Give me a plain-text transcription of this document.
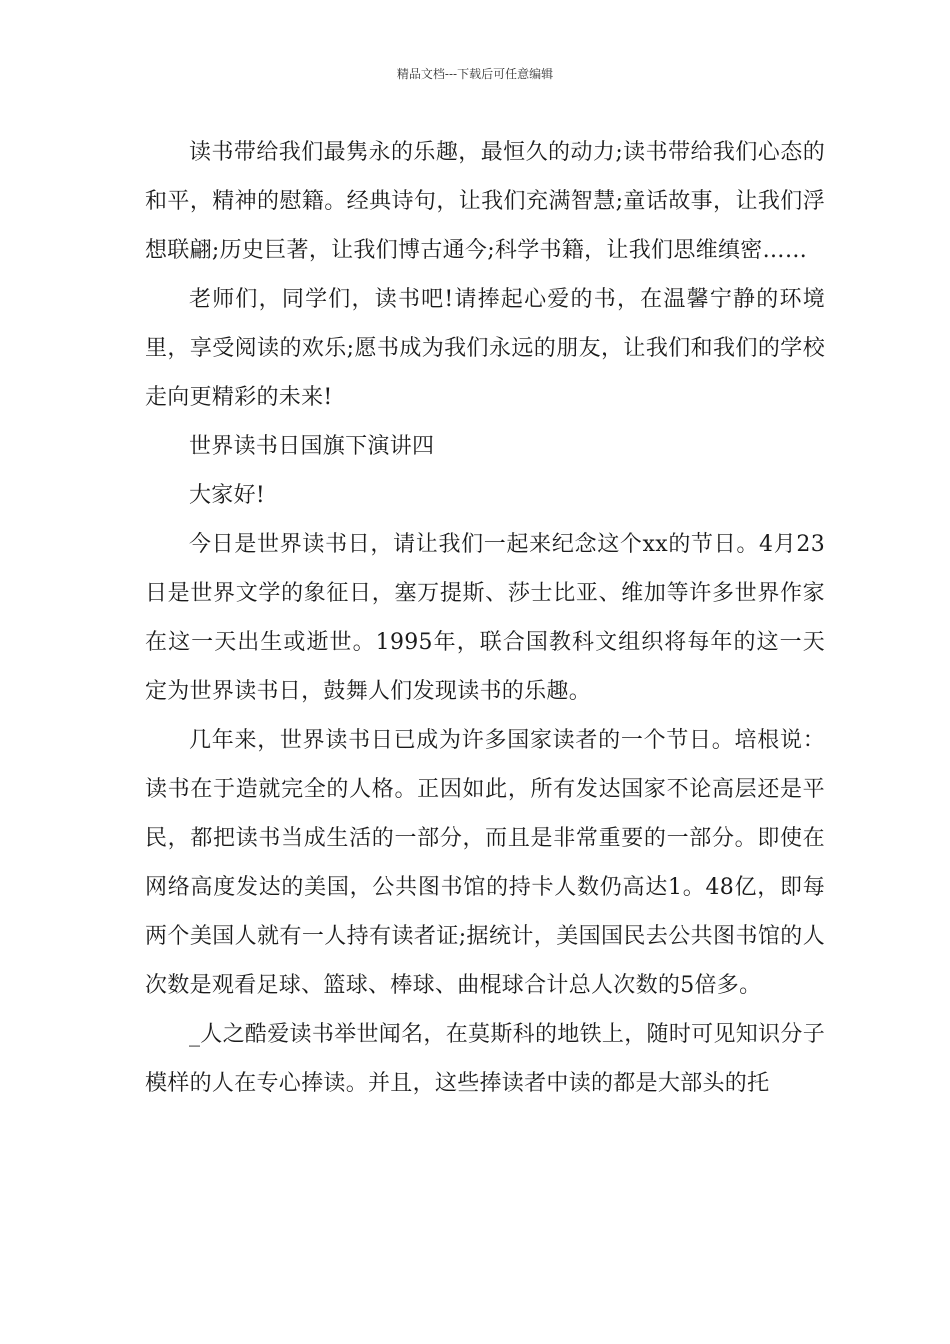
精品文档---下载后可任意编辑

读书带给我们最隽永的乐趣，最恒久的动力;读书带给我们心态的和平，精神的慰籍。经典诗句，让我们充满智慧;童话故事，让我们浮想联翩;历史巨著，让我们博古通今;科学书籍，让我们思维缜密……

老师们，同学们，读书吧!请捧起心爱的书，在温馨宁静的环境里，享受阅读的欢乐;愿书成为我们永远的朋友，让我们和我们的学校走向更精彩的未来!

世界读书日国旗下演讲四

大家好!

今日是世界读书日，请让我们一起来纪念这个xx的节日。4月23日是世界文学的象征日，塞万提斯、莎士比亚、维加等许多世界作家在这一天出生或逝世。1995年，联合国教科文组织将每年的这一天定为世界读书日，鼓舞人们发现读书的乐趣。

几年来，世界读书日已成为许多国家读者的一个节日。培根说：读书在于造就完全的人格。正因如此，所有发达国家不论高层还是平民，都把读书当成生活的一部分，而且是非常重要的一部分。即使在网络高度发达的美国，公共图书馆的持卡人数仍高达1。48亿，即每两个美国人就有一人持有读者证;据统计，美国国民去公共图书馆的人次数是观看足球、篮球、棒球、曲棍球合计总人次数的5倍多。

_人之酷爱读书举世闻名，在莫斯科的地铁上，随时可见知识分子模样的人在专心捧读。并且，这些捧读者中读的都是大部头的托
